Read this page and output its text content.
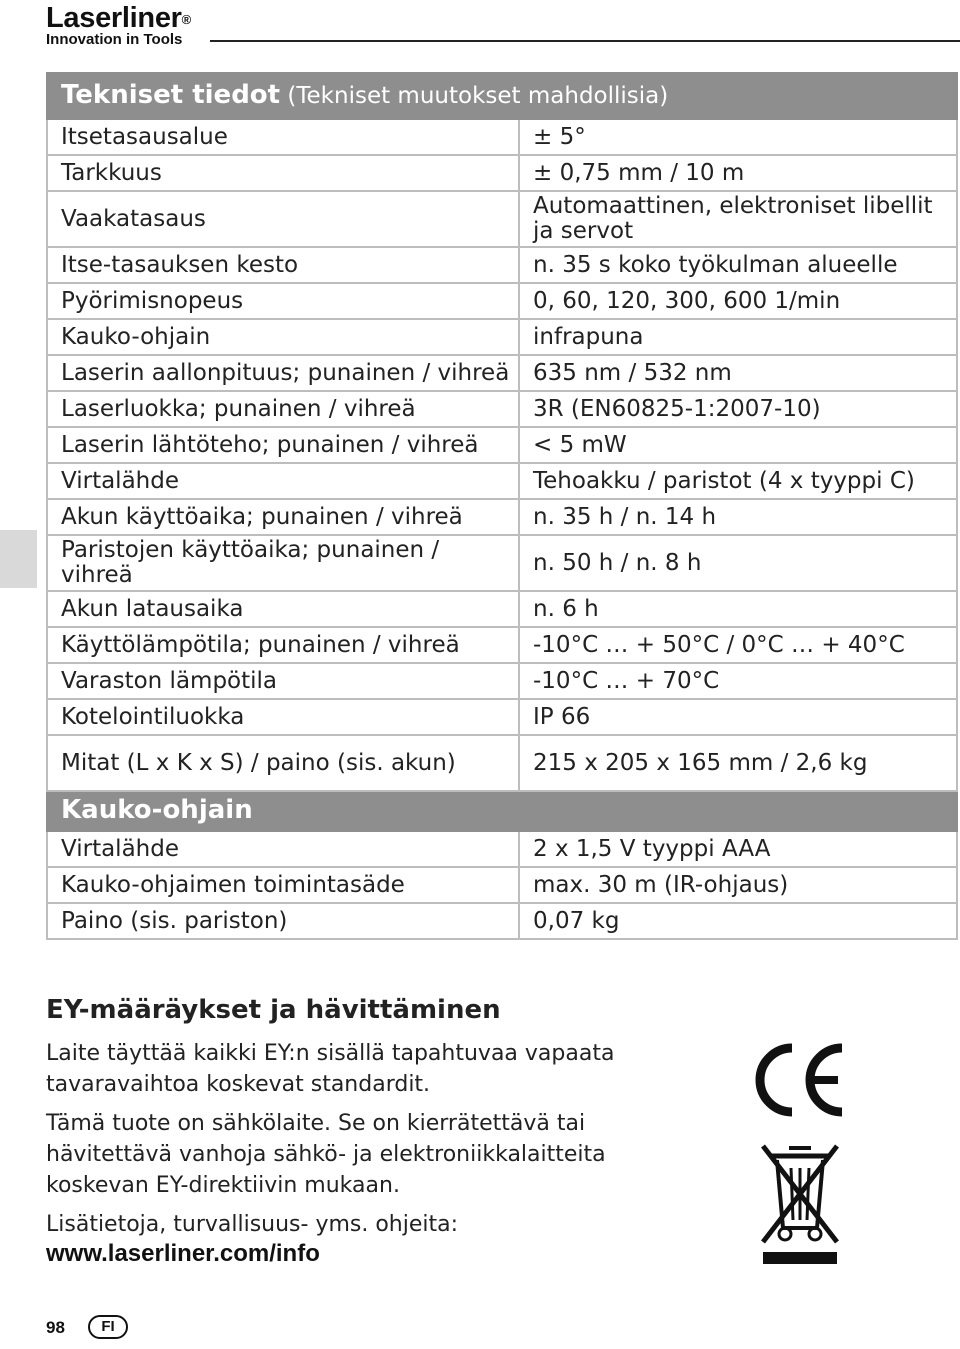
Laserliner®
Innovation in Tools
Tekniset tiedot (Tekniset muutokset mahdollisia)	
Itsetasausalue	± 5°
Tarkkuus	± 0,75 mm / 10 m
Vaakatasaus	Automaattinen, elektroniset libellit ja servot
Itse-tasauksen kesto	n. 35 s koko työkulman alueelle
Pyörimisnopeus	0, 60, 120, 300, 600 1/min
Kauko-ohjain	infrapuna
Laserin aallonpituus; punainen / vihreä	635 nm / 532 nm
Laserluokka; punainen / vihreä	3R (EN60825-1:2007-10)
Laserin lähtöteho; punainen / vihreä	< 5 mW
Virtalähde	Tehoakku / paristot (4 x tyyppi C)
Akun käyttöaika; punainen / vihreä	n. 35 h / n. 14 h
Paristojen käyttöaika; punainen / vihreä	n. 50 h / n. 8 h
Akun latausaika	n. 6 h
Käyttölämpötila; punainen / vihreä	-10°C … + 50°C / 0°C … + 40°C
Varaston lämpötila	-10°C … + 70°C
Kotelointiluokka	IP 66
Mitat (L x K x S) / paino (sis. akun)	215 x 205 x 165 mm / 2,6 kg
Kauko-ohjain	
Virtalähde	2 x 1,5 V tyyppi AAA
Kauko-ohjaimen toimintasäde	max. 30 m (IR-ohjaus)
Paino (sis. pariston)	0,07 kg
EY-määräykset ja hävittäminen
Laite täyttää kaikki EY:n sisällä tapahtuvaa vapaata tavaravaihtoa koskevat standardit.
Tämä tuote on sähkölaite. Se on kierrätettävä tai hävitettävä vanhoja sähkö- ja elektroniikkalaitteita koskevan EY-direktiivin mukaan.
Lisätietoja, turvallisuus- yms. ohjeita:
www.laserliner.com/info
98	FI
